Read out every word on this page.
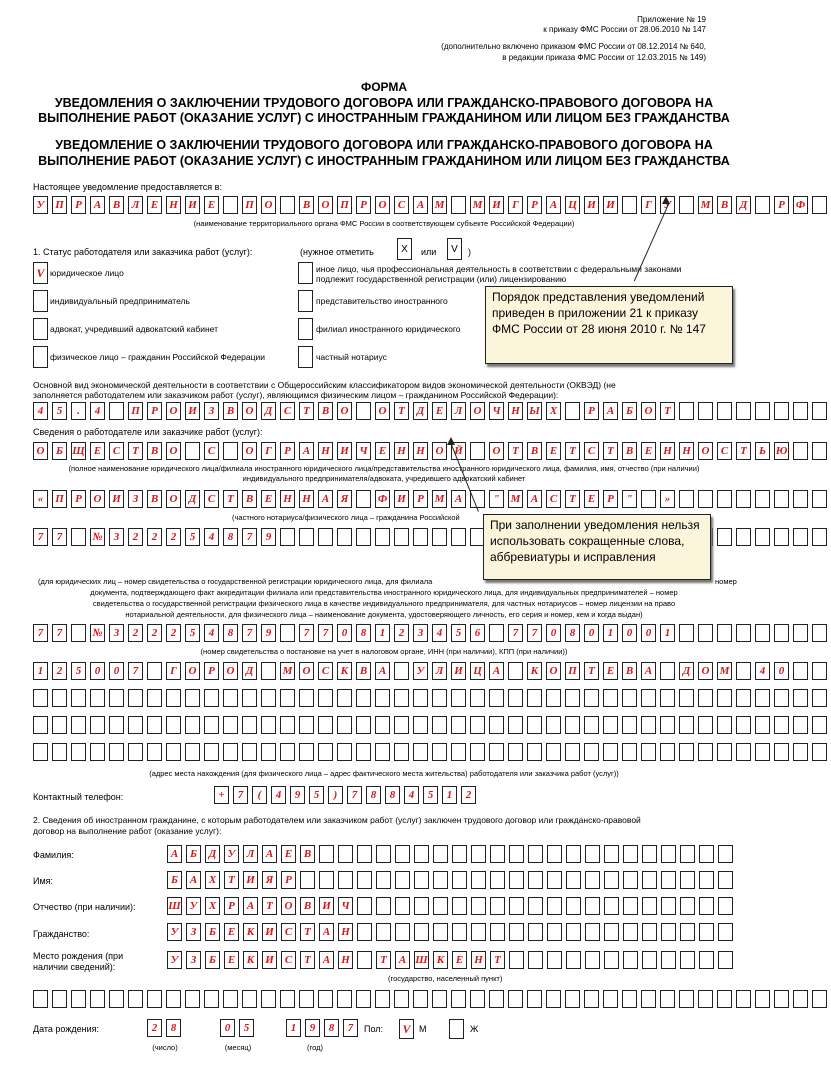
Приложение № 19
к приказу ФМС России от 28.06.2010 № 147
(дополнительно включено приказом ФМС России от 08.12.2014 № 640,
в редакции приказа ФМС России от 12.03.2015 № 149)
ФОРМА
УВЕДОМЛЕНИЯ О ЗАКЛЮЧЕНИИ ТРУДОВОГО ДОГОВОРА ИЛИ ГРАЖДАНСКО-ПРАВОВОГО ДОГОВОРА НА
ВЫПОЛНЕНИЕ РАБОТ (ОКАЗАНИЕ УСЛУГ) С ИНОСТРАННЫМ ГРАЖДАНИНОМ ИЛИ ЛИЦОМ БЕЗ ГРАЖДАНСТВА
УВЕДОМЛЕНИЕ О ЗАКЛЮЧЕНИИ ТРУДОВОГО ДОГОВОРА ИЛИ ГРАЖДАНСКО-ПРАВОВОГО ДОГОВОРА НА
ВЫПОЛНЕНИЕ РАБОТ (ОКАЗАНИЕ УСЛУГ) С ИНОСТРАННЫМ ГРАЖДАНИНОМ ИЛИ ЛИЦОМ БЕЗ ГРАЖДАНСТВА
Настоящее уведомление предоставляется в:
У П	Р	А	В	Л	Е	Н И	Е	П О	В	О П	Р	О	С	А М	М И	Г	Р	А	Ц И И	Г	У	М В	Д	Р Ф
(наименование территориального органа ФМС России в соответствующем субъекте Российской Федерации)
1. Статус работодателя или заказчика работ (услуг):	(нужное отметить	X	или	V	)
V юридическое лицо
индивидуальный предприниматель
адвокат, учредивший адвокатский кабинет
физическое лицо – гражданин Российской Федерации
иное лицо, чья профессиональная деятельность в соответствии с федеральными законами
подлежит государственной регистрации (или) лицензированию
представительство иностранного
филиал иностранного юридического
частный нотариус
Порядок представления уведомлений приведен в приложении 21 к приказу ФМС России от 28 июня 2010 г. № 147
Основной вид экономической деятельности в соответствии с Общероссийским классификатором видов экономической деятельности (ОКВЭД) (не
заполняется работодателем или заказчиком работ (услуг), являющимся физическим лицом – гражданином Российской Федерации):
4	5	.	4	П	Р	О И	З	В	О	Д	С	Т	В	О	О	Т	Д	Е	Л	О Ч Н Ы Х	Р	А	Б	О	Т
Сведения о работодателе или заказчике работ (услуг):
О	Б Щ Е	С	Т	В	О	С	О	Г	Р	А	Н И Ч	Е	Н Н О Й	О	Т	В	Е	Т	С	Т	В	Е	Н Н О	С	Т	Ь Ю
(полное наименование юридического лица/филиала иностранного юридического лица/представительства иностранного юридического лица, фамилия, имя, отчество (при наличии)
индивидуального предпринимателя/адвоката, учредившего адвокатский кабинет
«	П	Р	О И	З	В	О	Д	С	Т	В	Е	Н Н	А	Я	Ф И	Р М А	"	М А	С	Т	Е	Р	"	»
(частного нотариуса/физического лица – гражданина Российской
7	7	№	3	2	2	2	5	4	8	7	9
При заполнении уведомления нельзя использовать сокращенные слова, аббревиатуры и исправления
(для юридических лиц – номер свидетельства о государственной регистрации юридического лица, для филиала	номер
документа, подтверждающего факт аккредитации филиала или представительства иностранного юридического лица, для индивидуальных предпринимателей – номер
свидетельства о государственной регистрации физического лица в качестве индивидуального предпринимателя, для частных нотариусов – номер лицензии на право
нотариальной деятельности, для физического лица – наименование документа, удостоверяющего личность, его серия и номер, кем и когда выдан)
7	7	№	3	2	2	2	5	4	8	7	9	7	7	0	8	1	2	3	4	5	6	7	7	0	8	0	1	0	0	1
(номер свидетельства о постановке на учет в налоговом органе, ИНН (при наличии), КПП (при наличии))
1	2	5	0	0	7	Г	О	Р	О	Д	М О	С	К	В	А	У	Л И Ц	А	К	О П	Т	Е	В	А	Д	О М	4	0
(адрес места нахождения (для физического лица – адрес фактического места жительства) работодателя или заказчика работ (услуг))
Контактный телефон:	+	7	(	4	9	5	)	7	8	8	4	5	1	2
2. Сведения об иностранном гражданине, с которым работодателем или заказчиком работ (услуг) заключен трудового договор или гражданско-правовой
договор на выполнение работ (оказание услуг):
Фамилия:	А	Б	Д	У	Л	А	Е	В
Имя:	Б	А	Х	Т	И Я	Р
Отчество (при наличии):	Ш У	Х	Р	А	Т	О	В	И Ч
Гражданство:	У	З	Б	Е	К И	С	Т	А	Н
Место рождения (при
наличии сведений):
У	З	Б	Е	К И	С	Т	А	Н	Т	А Ш К	Е	Н	Т
(государство, населенный пункт)
Дата рождения:	2	8	0	5	1	9	8	7
(число)	(месяц)	(год)
Пол: V М	Ж
